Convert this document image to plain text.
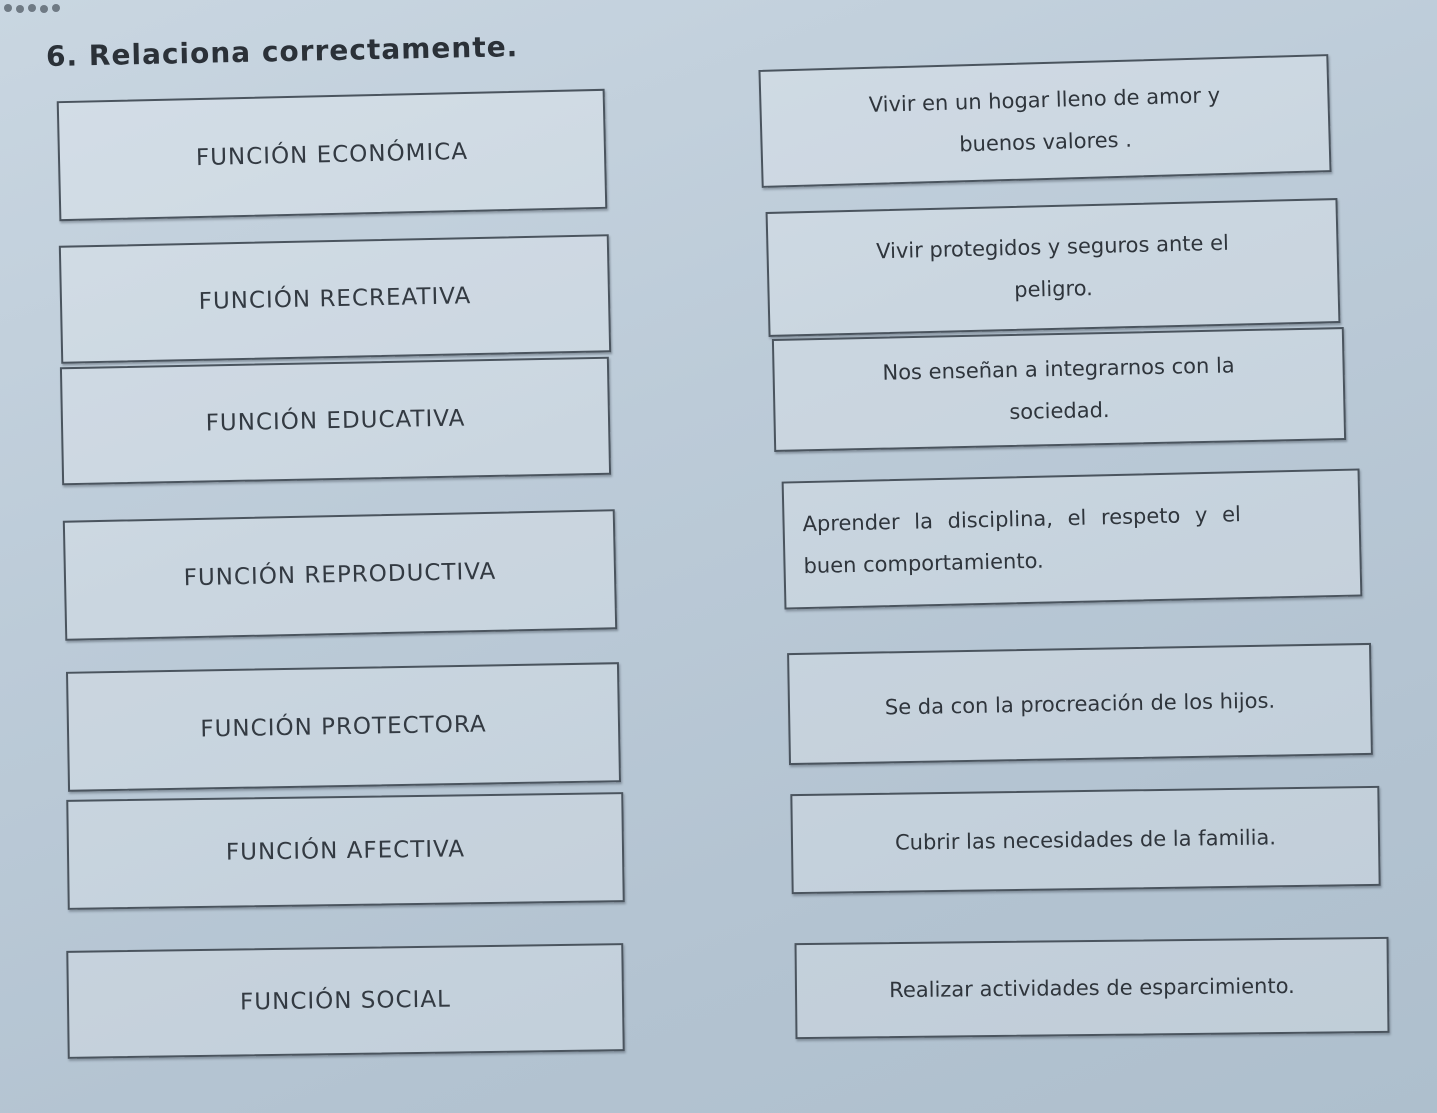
6. Relaciona correctamente.
FUNCIÓN ECONÓMICA
FUNCIÓN RECREATIVA
FUNCIÓN EDUCATIVA
FUNCIÓN REPRODUCTIVA
FUNCIÓN PROTECTORA
FUNCIÓN AFECTIVA
FUNCIÓN SOCIAL
Vivir en un hogar lleno de amor y
buenos valores .
Vivir protegidos y seguros ante el
peligro.
Nos enseñan a integrarnos con la
sociedad.
Aprender la disciplina, el respeto y el
buen comportamiento.
Se da con la procreación de los hijos.
Cubrir las necesidades de la familia.
Realizar actividades de esparcimiento.
